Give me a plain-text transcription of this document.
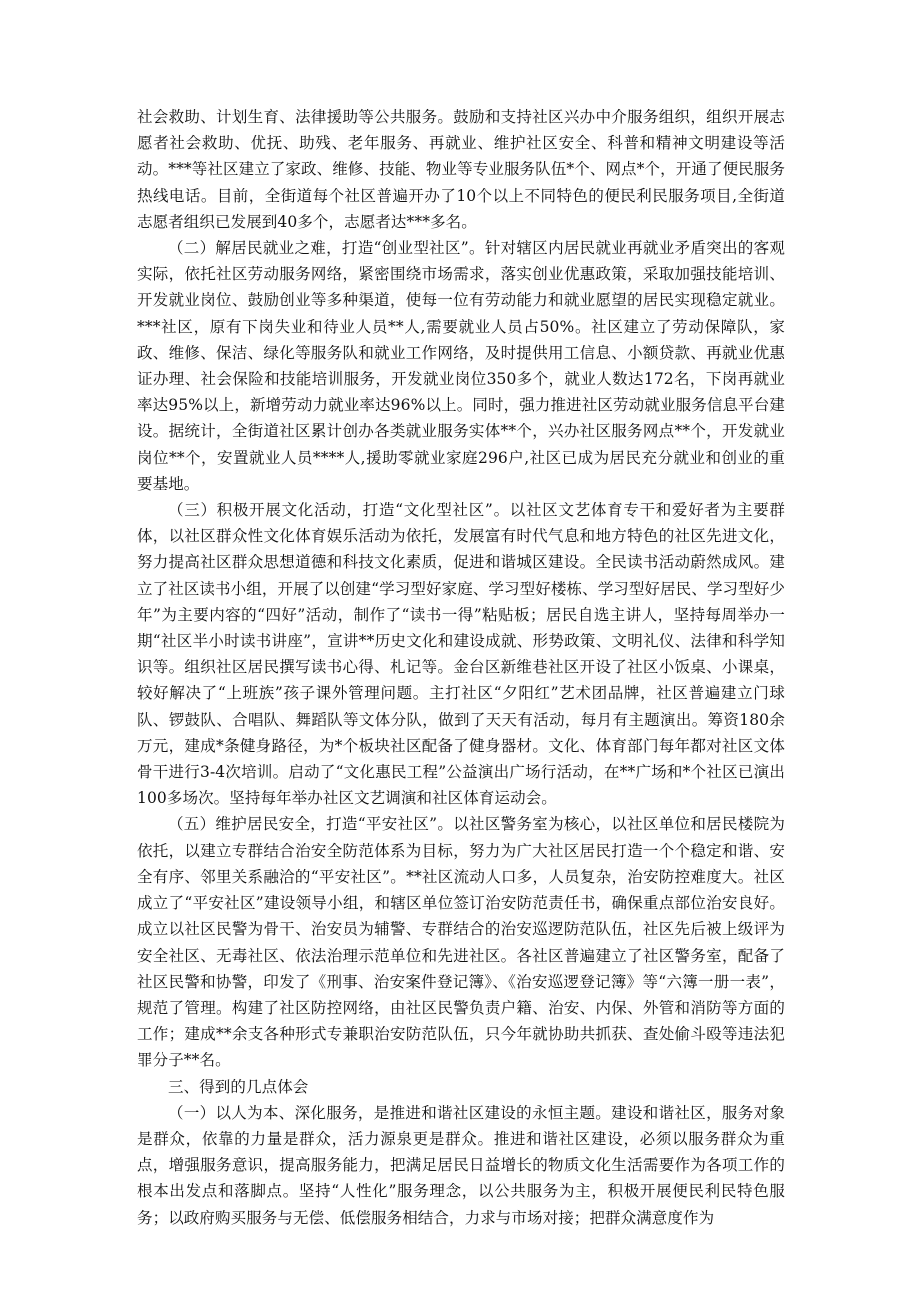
社会救助、计划生育、法律援助等公共服务。鼓励和支持社区兴办中介服务组织，组织开展志愿者社会救助、优抚、助残、老年服务、再就业、维护社区安全、科普和精神文明建设等活动。***等社区建立了家政、维修、技能、物业等专业服务队伍*个、网点*个，开通了便民服务热线电话。目前，全街道每个社区普遍开办了10个以上不同特色的便民利民服务项目,全街道志愿者组织已发展到40多个，志愿者达***多名。

（二）解居民就业之难，打造“创业型社区”。针对辖区内居民就业再就业矛盾突出的客观实际，依托社区劳动服务网络，紧密围绕市场需求，落实创业优惠政策，采取加强技能培训、开发就业岗位、鼓励创业等多种渠道，使每一位有劳动能力和就业愿望的居民实现稳定就业。***社区，原有下岗失业和待业人员**人,需要就业人员占50%。社区建立了劳动保障队，家政、维修、保洁、绿化等服务队和就业工作网络，及时提供用工信息、小额贷款、再就业优惠证办理、社会保险和技能培训服务，开发就业岗位350多个，就业人数达172名，下岗再就业率达95%以上，新增劳动力就业率达96%以上。同时，强力推进社区劳动就业服务信息平台建设。据统计，全街道社区累计创办各类就业服务实体**个，兴办社区服务网点**个，开发就业岗位**个，安置就业人员****人,援助零就业家庭296户,社区已成为居民充分就业和创业的重要基地。

（三）积极开展文化活动，打造“文化型社区”。以社区文艺体育专干和爱好者为主要群体，以社区群众性文化体育娱乐活动为依托，发展富有时代气息和地方特色的社区先进文化，努力提高社区群众思想道德和科技文化素质，促进和谐城区建设。全民读书活动蔚然成风。建立了社区读书小组，开展了以创建“学习型好家庭、学习型好楼栋、学习型好居民、学习型好少年”为主要内容的“四好”活动，制作了“读书一得”粘贴板；居民自选主讲人，坚持每周举办一期“社区半小时读书讲座”，宣讲**历史文化和建设成就、形势政策、文明礼仪、法律和科学知识等。组织社区居民撰写读书心得、札记等。金台区新维巷社区开设了社区小饭桌、小课桌，较好解决了“上班族”孩子课外管理问题。主打社区“夕阳红”艺术团品牌，社区普遍建立门球队、锣鼓队、合唱队、舞蹈队等文体分队，做到了天天有活动，每月有主题演出。筹资180余万元，建成*条健身路径，为*个板块社区配备了健身器材。文化、体育部门每年都对社区文体骨干进行3-4次培训。启动了“文化惠民工程”公益演出广场行活动，在**广场和*个社区已演出100多场次。坚持每年举办社区文艺调演和社区体育运动会。

（五）维护居民安全，打造“平安社区”。以社区警务室为核心，以社区单位和居民楼院为依托，以建立专群结合治安全防范体系为目标，努力为广大社区居民打造一个个稳定和谐、安全有序、邻里关系融洽的“平安社区”。**社区流动人口多，人员复杂，治安防控难度大。社区成立了“平安社区”建设领导小组，和辖区单位签订治安防范责任书，确保重点部位治安良好。成立以社区民警为骨干、治安员为辅警、专群结合的治安巡逻防范队伍，社区先后被上级评为安全社区、无毒社区、依法治理示范单位和先进社区。各社区普遍建立了社区警务室，配备了社区民警和协警，印发了《刑事、治安案件登记簿》、《治安巡逻登记簿》等“六簿一册一表”，规范了管理。构建了社区防控网络，由社区民警负责户籍、治安、内保、外管和消防等方面的工作；建成**余支各种形式专兼职治安防范队伍，只今年就协助共抓获、查处偷斗殴等违法犯罪分子**名。

三、得到的几点体会

（一）以人为本、深化服务，是推进和谐社区建设的永恒主题。建设和谐社区，服务对象是群众，依靠的力量是群众，活力源泉更是群众。推进和谐社区建设，必须以服务群众为重点，增强服务意识，提高服务能力，把满足居民日益增长的物质文化生活需要作为各项工作的根本出发点和落脚点。坚持“人性化”服务理念，以公共服务为主，积极开展便民利民特色服务；以政府购买服务与无偿、低偿服务相结合，力求与市场对接；把群众满意度作为
